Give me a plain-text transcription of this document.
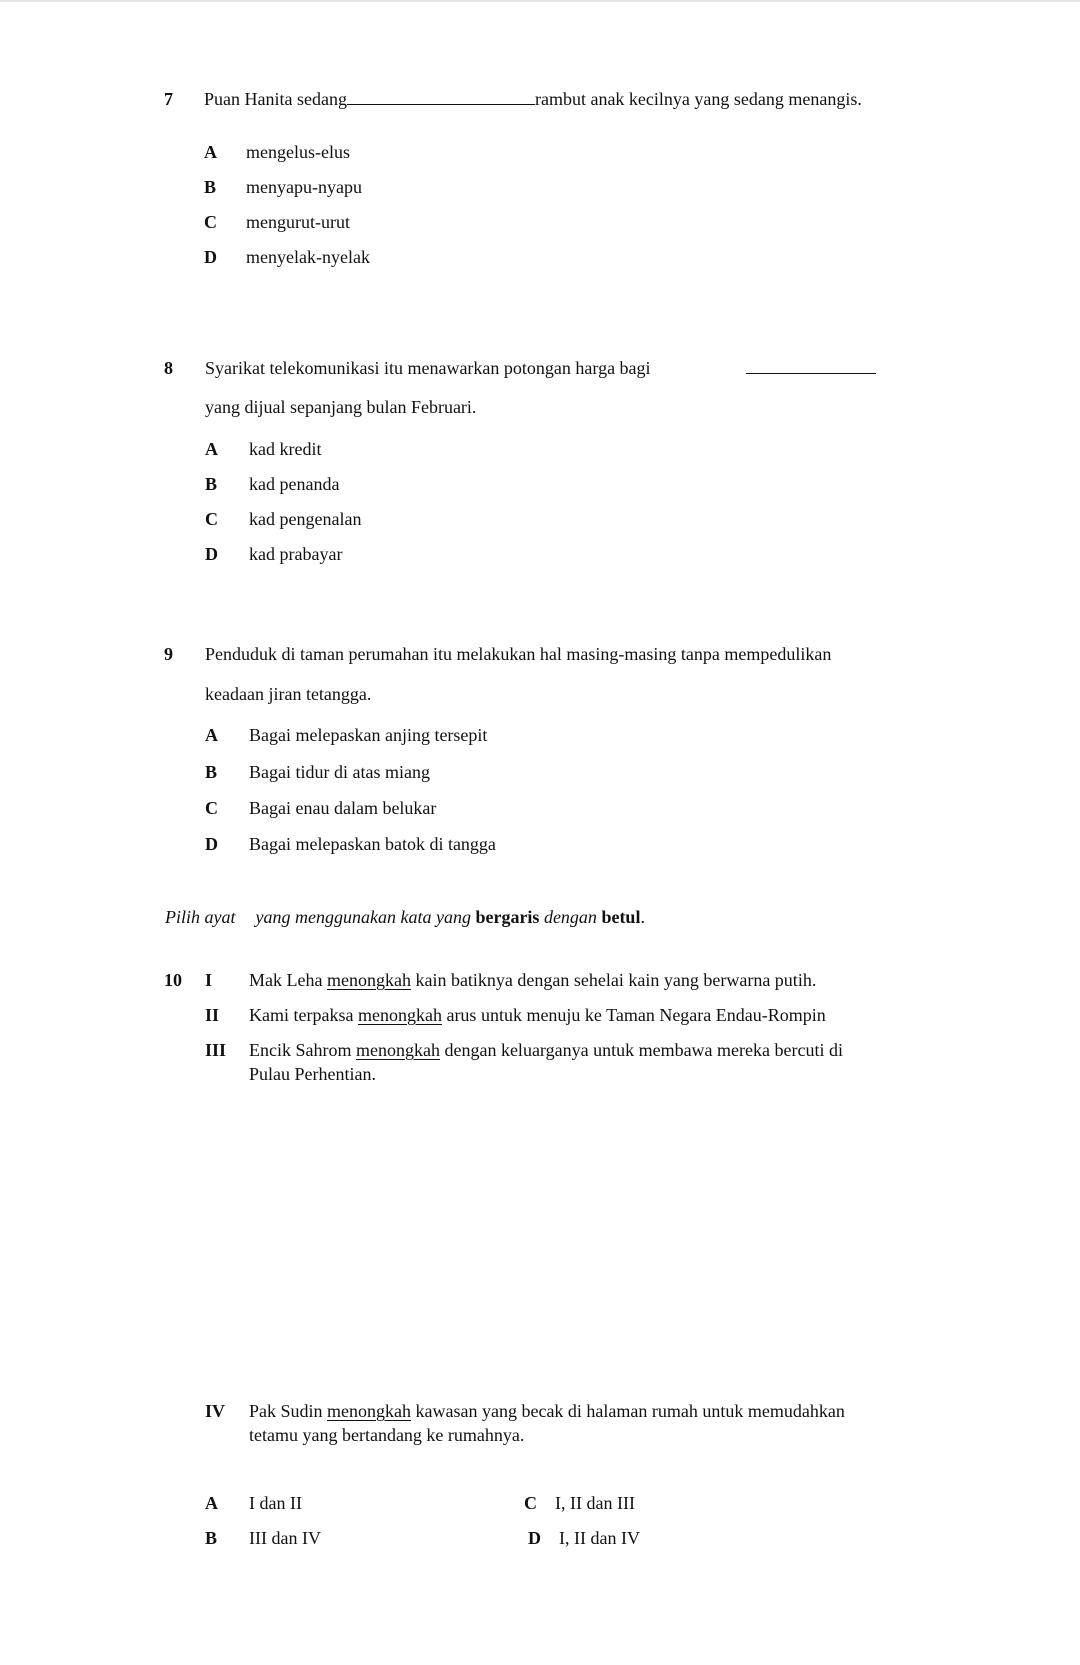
7 Puan Hanita sedang	rambut anak kecilnya yang sedang menangis.
A mengelus-elus
B menyapu-nyapu
C mengurut-urut
D menyelak-nyelak
8 Syarikat telekomunikasi itu menawarkan potongan harga bagi
yang dijual sepanjang bulan Februari.
A kad kredit
B kad penanda
C kad pengenalan
D kad prabayar
9 Penduduk di taman perumahan itu melakukan hal masing-masing tanpa mempedulikan
keadaan jiran tetangga.
A Bagai melepaskan anjing tersepit
B Bagai tidur di atas miang
C Bagai enau dalam belukar
D Bagai melepaskan batok di tangga
Pilih ayat yang menggunakan kata yang bergaris dengan betul.
10 I Mak Leha menongkah kain batiknya dengan sehelai kain yang berwarna putih.
II Kami terpaksa menongkah arus untuk menuju ke Taman Negara Endau-Rompin
III Encik Sahrom menongkah dengan keluarganya untuk membawa mereka bercuti di
Pulau Perhentian.
IV Pak Sudin menongkah kawasan yang becak di halaman rumah untuk memudahkan
tetamu yang bertandang ke rumahnya.
A I dan II
B III dan IV
C I, II dan III
D I, II dan IV
